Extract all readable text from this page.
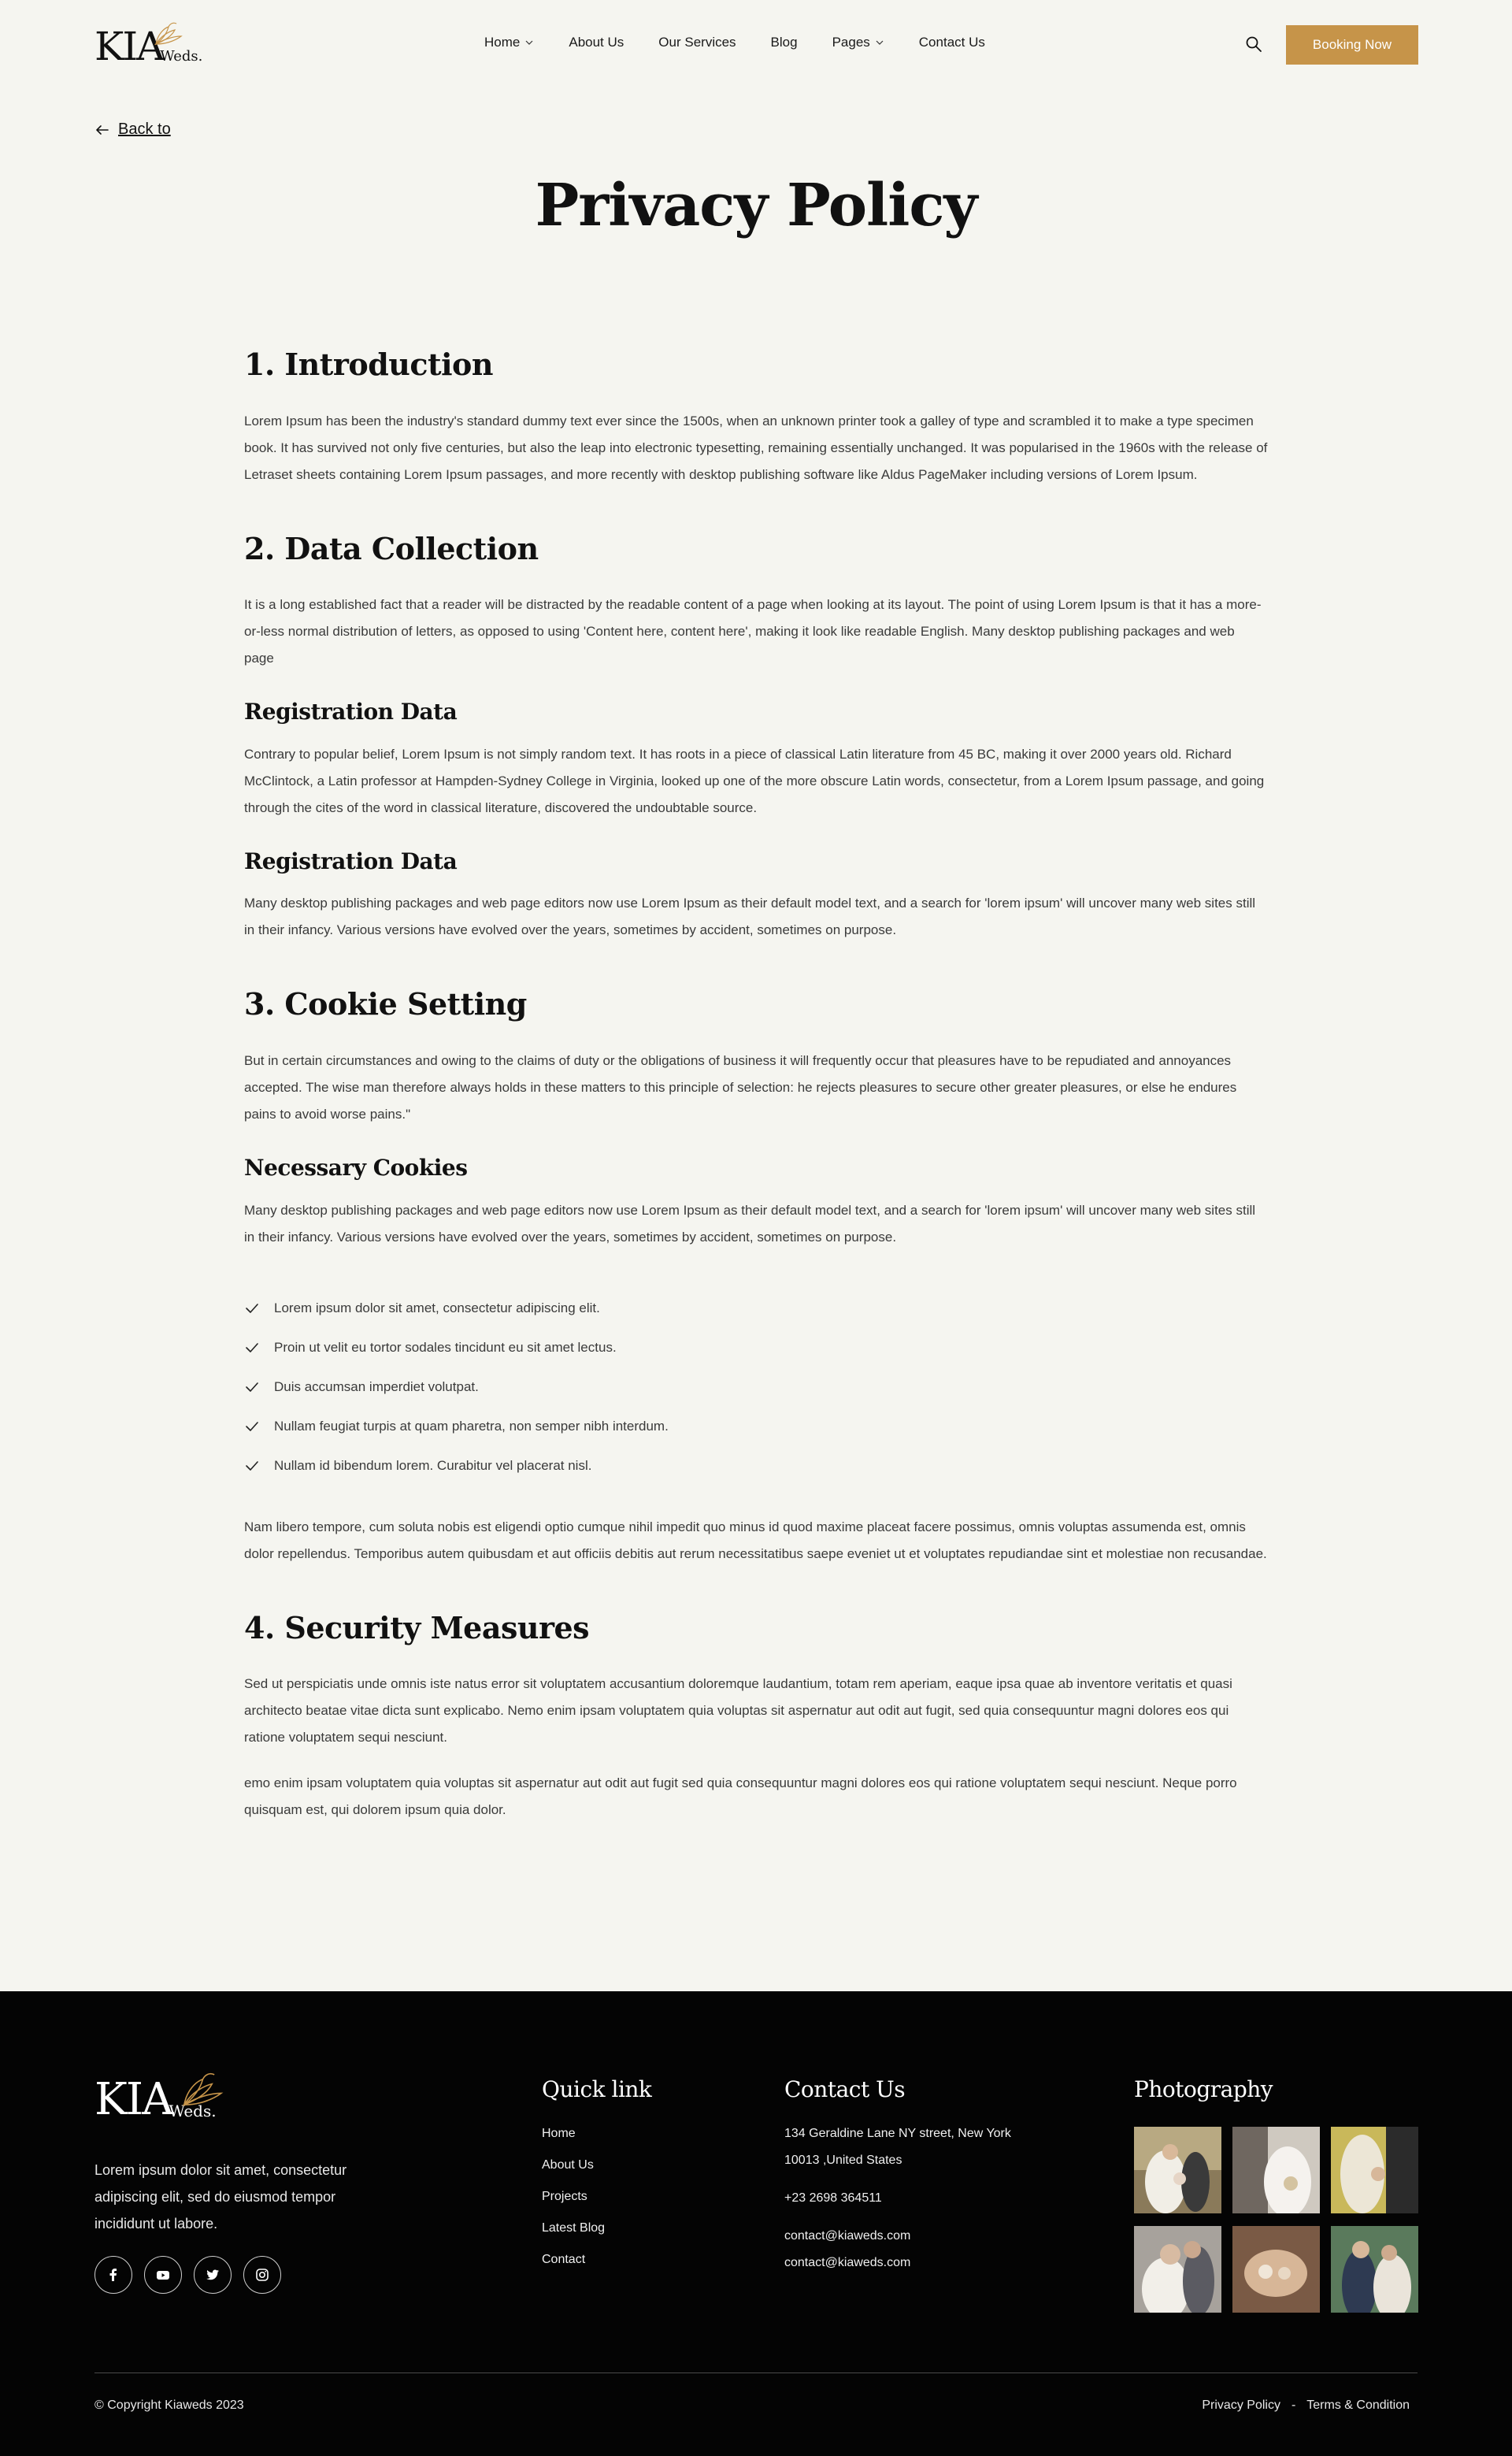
KIA
Weds.
Home	About Us	Our Services	Blog	Pages	Contact Us	Booking Now
Back to
Privacy Policy
1. Introduction

Lorem Ipsum has been the industry's standard dummy text ever since the 1500s, when an unknown printer took a galley of type and scrambled it to make a type specimen book. It has survived not only five centuries, but also the leap into electronic typesetting, remaining essentially unchanged. It was popularised in the 1960s with the release of Letraset sheets containing Lorem Ipsum passages, and more recently with desktop publishing software like Aldus PageMaker including versions of Lorem Ipsum.

2. Data Collection

It is a long established fact that a reader will be distracted by the readable content of a page when looking at its layout. The point of using Lorem Ipsum is that it has a more-or-less normal distribution of letters, as opposed to using 'Content here, content here', making it look like readable English. Many desktop publishing packages and web page

Registration Data

Contrary to popular belief, Lorem Ipsum is not simply random text. It has roots in a piece of classical Latin literature from 45 BC, making it over 2000 years old. Richard McClintock, a Latin professor at Hampden-Sydney College in Virginia, looked up one of the more obscure Latin words, consectetur, from a Lorem Ipsum passage, and going through the cites of the word in classical literature, discovered the undoubtable source.

Registration Data

Many desktop publishing packages and web page editors now use Lorem Ipsum as their default model text, and a search for 'lorem ipsum' will uncover many web sites still in their infancy. Various versions have evolved over the years, sometimes by accident, sometimes on purpose.

3. Cookie Setting

But in certain circumstances and owing to the claims of duty or the obligations of business it will frequently occur that pleasures have to be repudiated and annoyances accepted. The wise man therefore always holds in these matters to this principle of selection: he rejects pleasures to secure other greater pleasures, or else he endures pains to avoid worse pains."

Necessary Cookies

Many desktop publishing packages and web page editors now use Lorem Ipsum as their default model text, and a search for 'lorem ipsum' will uncover many web sites still in their infancy. Various versions have evolved over the years, sometimes by accident, sometimes on purpose.

Lorem ipsum dolor sit amet, consectetur adipiscing elit.
Proin ut velit eu tortor sodales tincidunt eu sit amet lectus.
Duis accumsan imperdiet volutpat.
Nullam feugiat turpis at quam pharetra, non semper nibh interdum.
Nullam id bibendum lorem. Curabitur vel placerat nisl.

Nam libero tempore, cum soluta nobis est eligendi optio cumque nihil impedit quo minus id quod maxime placeat facere possimus, omnis voluptas assumenda est, omnis dolor repellendus. Temporibus autem quibusdam et aut officiis debitis aut rerum necessitatibus saepe eveniet ut et voluptates repudiandae sint et molestiae non recusandae.

4. Security Measures

Sed ut perspiciatis unde omnis iste natus error sit voluptatem accusantium doloremque laudantium, totam rem aperiam, eaque ipsa quae ab inventore veritatis et quasi architecto beatae vitae dicta sunt explicabo. Nemo enim ipsam voluptatem quia voluptas sit aspernatur aut odit aut fugit, sed quia consequuntur magni dolores eos qui ratione voluptatem sequi nesciunt.

emo enim ipsam voluptatem quia voluptas sit aspernatur aut odit aut fugit sed quia consequuntur magni dolores eos qui ratione voluptatem sequi nesciunt. Neque porro quisquam est, qui dolorem ipsum quia dolor.

KIA
Weds.

Lorem ipsum dolor sit amet, consectetur adipiscing elit, sed do eiusmod tempor incididunt ut labore.

Quick link
Home
About Us
Projects
Latest Blog
Contact
Contact Us

134 Geraldine Lane NY street, New York 10013 ,United States

+23 2698 364511

contact@kiaweds.com

contact@kiaweds.com

Photography
© Copyright Kiaweds 2023	Privacy Policy - Terms & Condition
